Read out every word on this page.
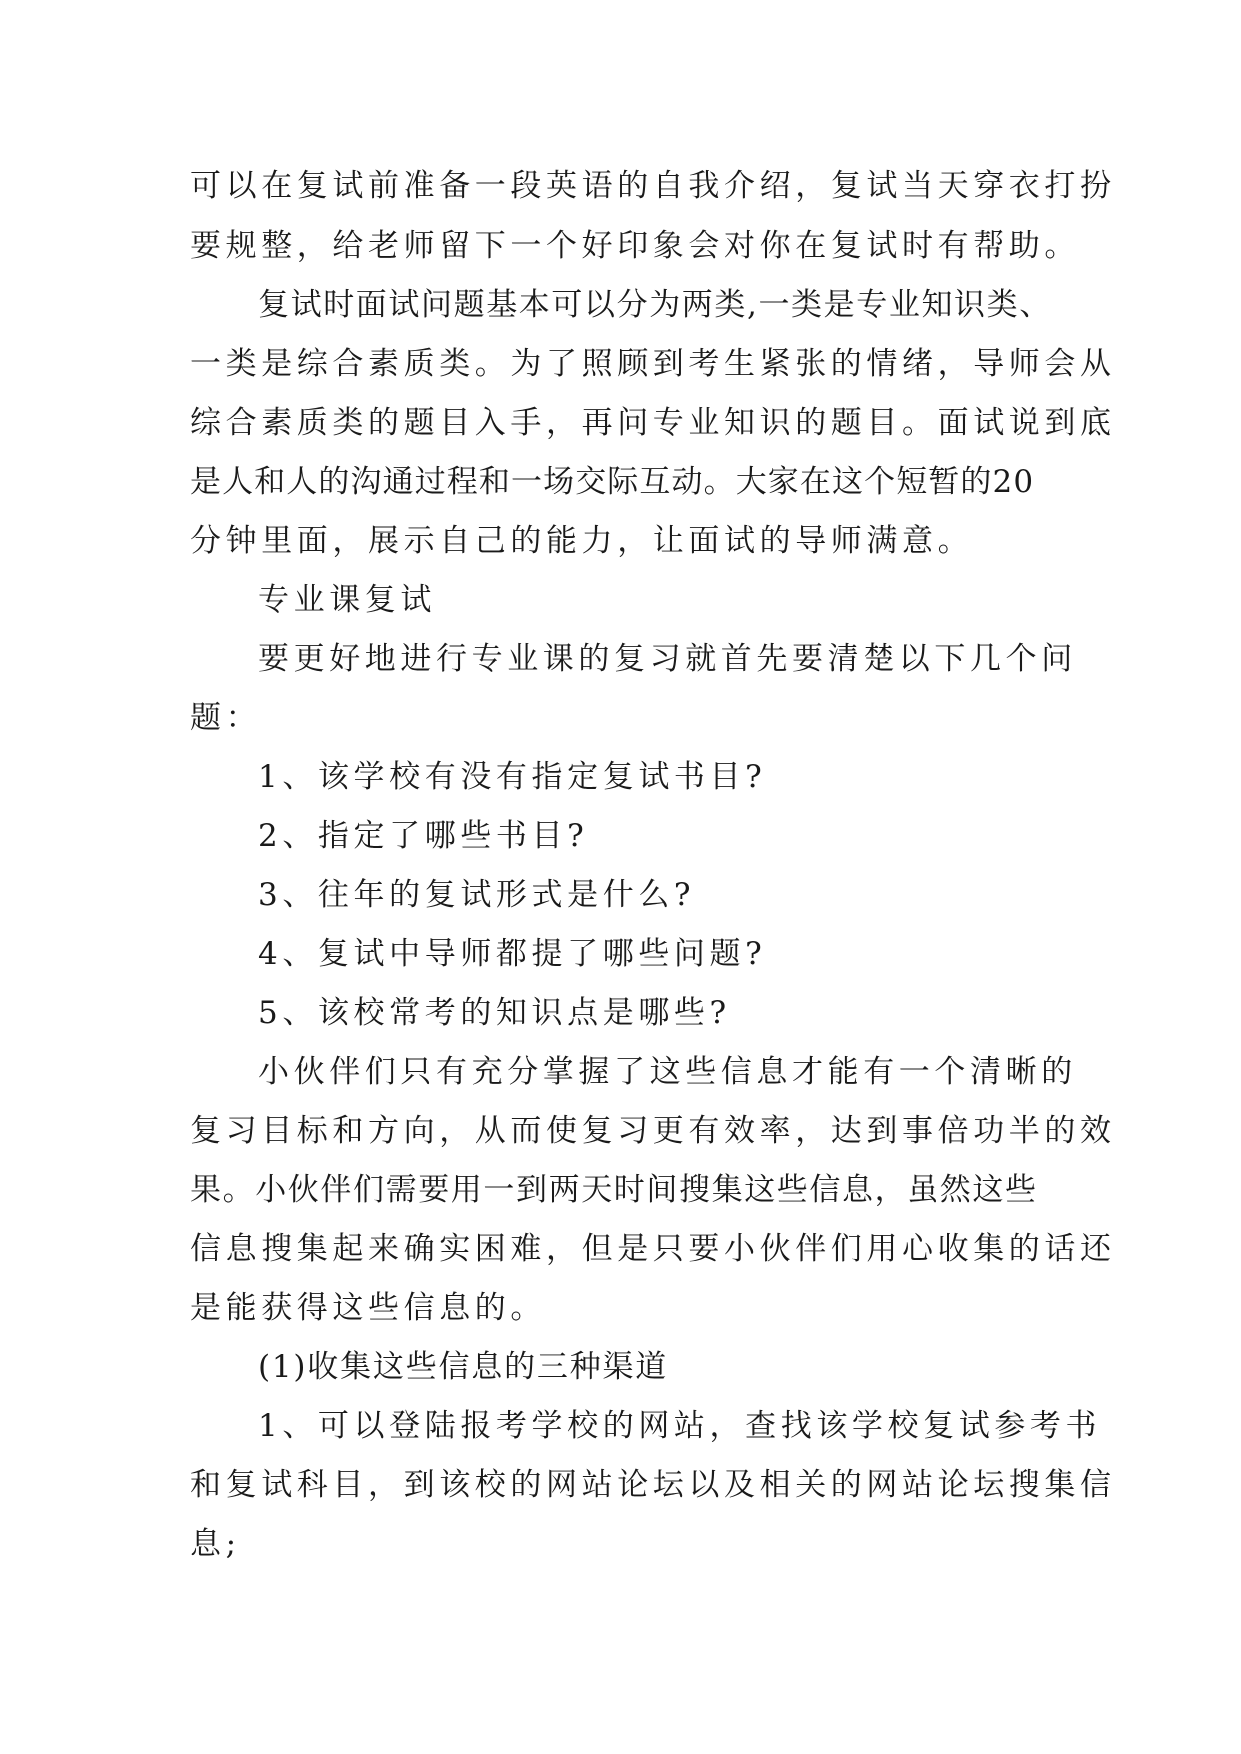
可以在复试前准备一段英语的自我介绍，复试当天穿衣打扮
要规整，给老师留下一个好印象会对你在复试时有帮助。
复试时面试问题基本可以分为两类,一类是专业知识类、
一类是综合素质类。为了照顾到考生紧张的情绪，导师会从
综合素质类的题目入手，再问专业知识的题目。面试说到底
是人和人的沟通过程和一场交际互动。大家在这个短暂的20
分钟里面，展示自己的能力，让面试的导师满意。
专业课复试
要更好地进行专业课的复习就首先要清楚以下几个问
题：
1、该学校有没有指定复试书目?
2、指定了哪些书目?
3、往年的复试形式是什么?
4、复试中导师都提了哪些问题?
5、该校常考的知识点是哪些?
小伙伴们只有充分掌握了这些信息才能有一个清晰的
复习目标和方向，从而使复习更有效率，达到事倍功半的效
果。小伙伴们需要用一到两天时间搜集这些信息，虽然这些
信息搜集起来确实困难，但是只要小伙伴们用心收集的话还
是能获得这些信息的。
(1)收集这些信息的三种渠道
1、可以登陆报考学校的网站，查找该学校复试参考书
和复试科目，到该校的网站论坛以及相关的网站论坛搜集信
息;
